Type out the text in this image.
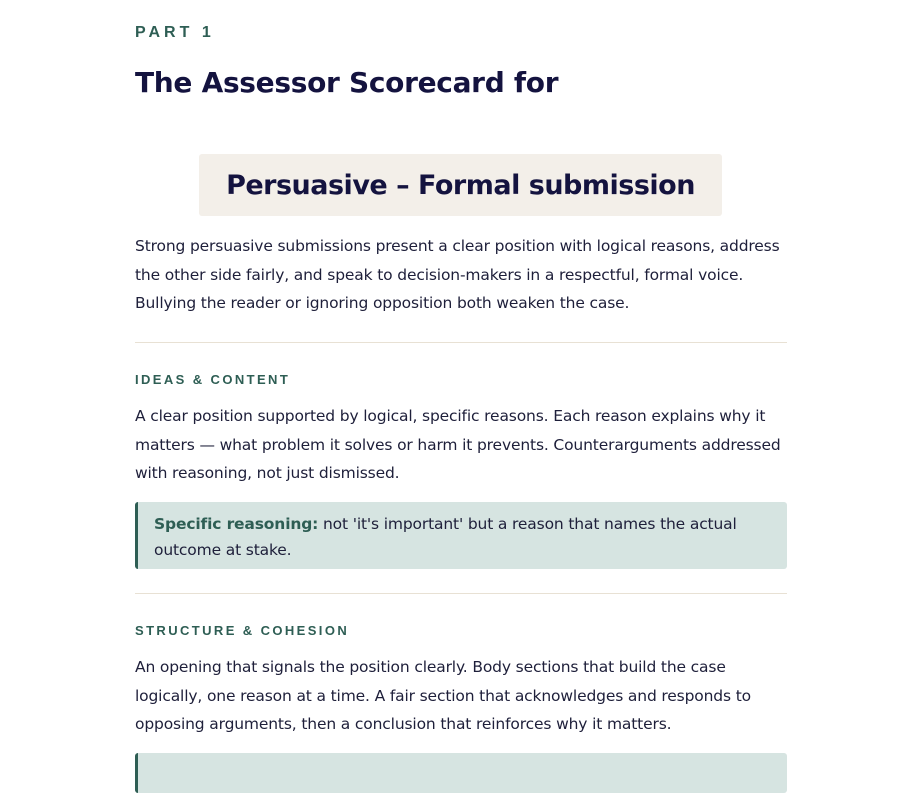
PART 1
The Assessor Scorecard for
Persuasive – Formal submission

Strong persuasive submissions present a clear position with logical reasons, address the other side fairly, and speak to decision-makers in a respectful, formal voice. Bullying the reader or ignoring opposition both weaken the case.

IDEAS & CONTENT

A clear position supported by logical, specific reasons. Each reason explains why it matters — what problem it solves or harm it prevents. Counterarguments addressed with reasoning, not just dismissed.

Specific reasoning: not 'it's important' but a reason that names the actual outcome at stake.

STRUCTURE & COHESION

An opening that signals the position clearly. Body sections that build the case logically, one reason at a time. A fair section that acknowledges and responds to opposing arguments, then a conclusion that reinforces why it matters.
